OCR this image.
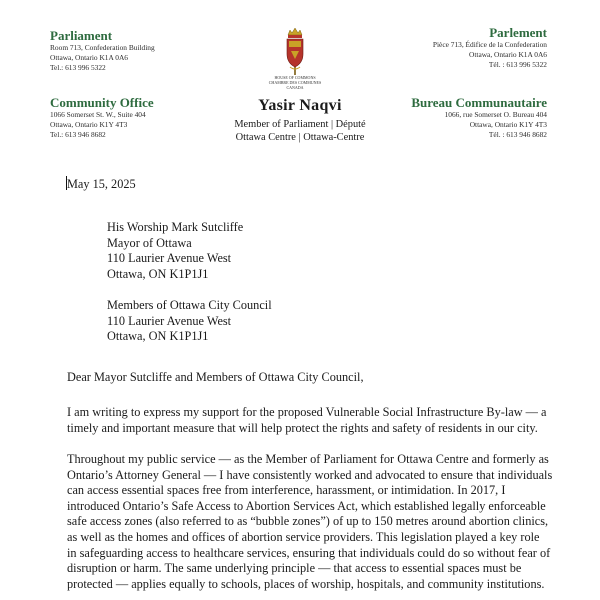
Parliament
Room 713, Confederation Building
Ottawa, Ontario K1A 0A6
Tel.: 613 996 5322
Parlement
Pièce 713, Édifice de la Confederation
Ottawa, Ontario K1A 0A6
Tél. : 613 996 5322
Community Office
1066 Somerset St. W., Suite 404
Ottawa, Ontario K1Y 4T3
Tel.: 613 946 8682
Bureau Communautaire
1066, rue Somerset O. Bureau 404
Ottawa, Ontario K1Y 4T3
Tél. : 613 946 8682
HOUSE OF COMMONS
CHAMBRE DES COMMUNES
CANADA
Yasir Naqvi
Member of Parliament | Député
Ottawa Centre | Ottawa-Centre
May 15, 2025
His Worship Mark Sutcliffe
Mayor of Ottawa
110 Laurier Avenue West
Ottawa, ON K1P1J1
Members of Ottawa City Council
110 Laurier Avenue West
Ottawa, ON K1P1J1
Dear Mayor Sutcliffe and Members of Ottawa City Council,
I am writing to express my support for the proposed Vulnerable Social Infrastructure By-law — a
timely and important measure that will help protect the rights and safety of residents in our city.
Throughout my public service — as the Member of Parliament for Ottawa Centre and formerly as
Ontario’s Attorney General — I have consistently worked and advocated to ensure that individuals
can access essential spaces free from interference, harassment, or intimidation. In 2017, I
introduced Ontario’s Safe Access to Abortion Services Act, which established legally enforceable
safe access zones (also referred to as “bubble zones”) of up to 150 metres around abortion clinics,
as well as the homes and offices of abortion service providers. This legislation played a key role
in safeguarding access to healthcare services, ensuring that individuals could do so without fear of
disruption or harm. The same underlying principle — that access to essential spaces must be
protected — applies equally to schools, places of worship, hospitals, and community institutions.
